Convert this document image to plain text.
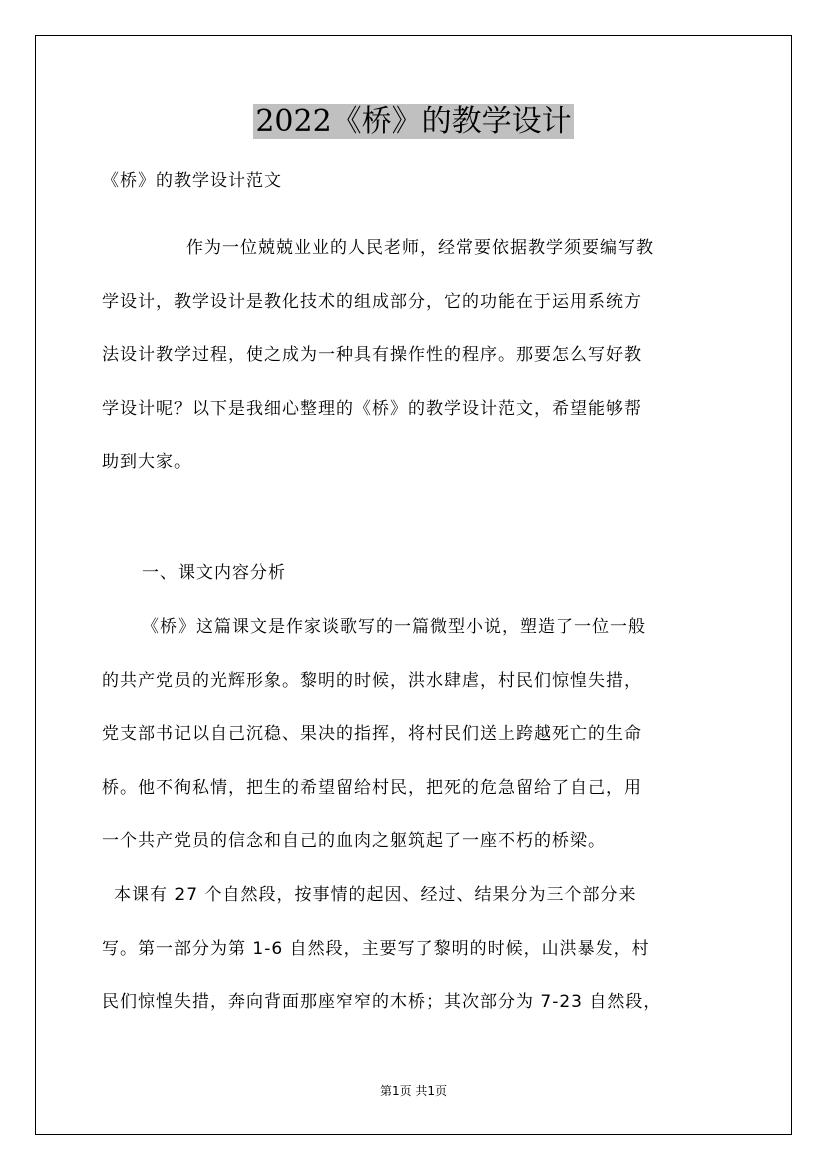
2022《桥》的教学设计
《桥》的教学设计范文
作为一位兢兢业业的人民老师，经常要依据教学须要编写教
学设计，教学设计是教化技术的组成部分，它的功能在于运用系统方
法设计教学过程，使之成为一种具有操作性的程序。那要怎么写好教
学设计呢？以下是我细心整理的《桥》的教学设计范文，希望能够帮
助到大家。
一、课文内容分析
《桥》这篇课文是作家谈歌写的一篇微型小说，塑造了一位一般
的共产党员的光辉形象。黎明的时候，洪水肆虐，村民们惊惶失措，
党支部书记以自己沉稳、果决的指挥，将村民们送上跨越死亡的生命
桥。他不徇私情，把生的希望留给村民，把死的危急留给了自己，用
一个共产党员的信念和自己的血肉之躯筑起了一座不朽的桥梁。
本课有 27 个自然段，按事情的起因、经过、结果分为三个部分来
写。第一部分为第 1-6 自然段，主要写了黎明的时候，山洪暴发，村
民们惊惶失措，奔向背面那座窄窄的木桥；其次部分为 7-23 自然段，
第1页 共1页
